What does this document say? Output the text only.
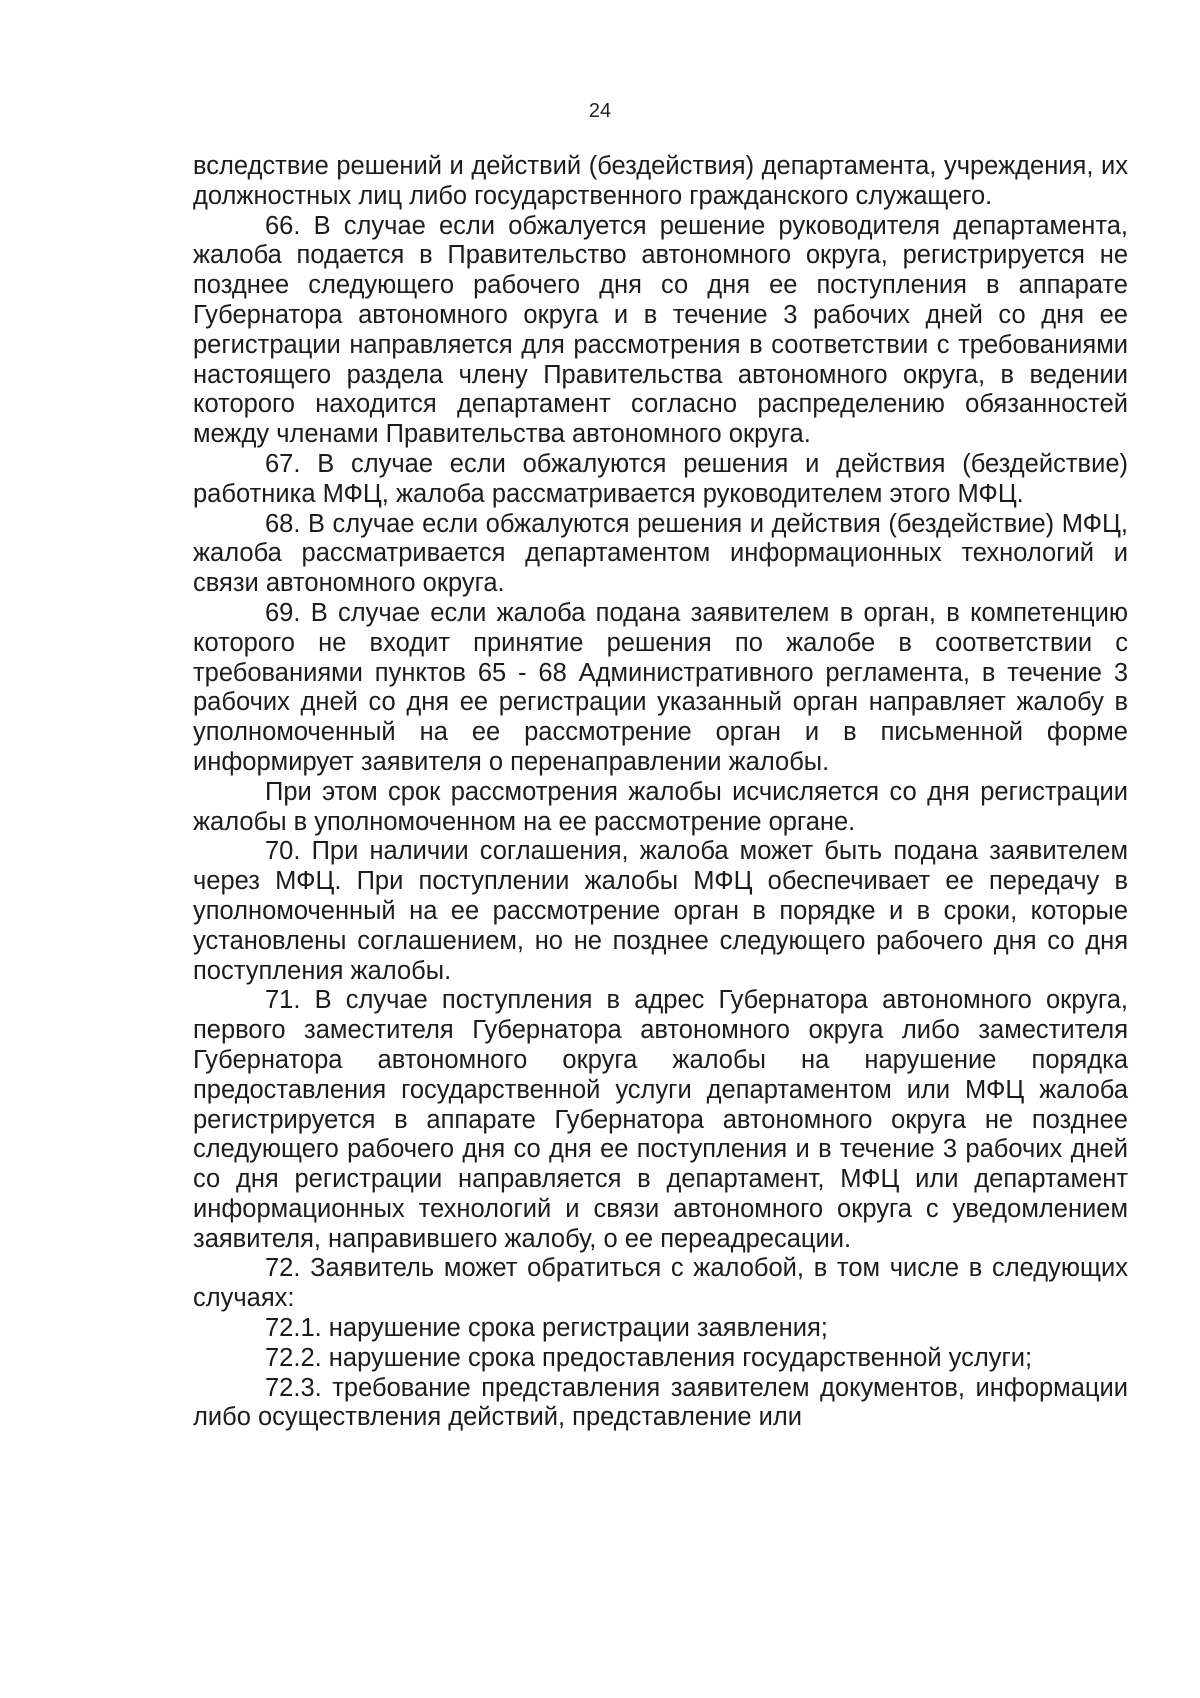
24

вследствие решений и действий (бездействия) департамента, учреждения, их должностных лиц либо государственного гражданского служащего.

66. В случае если обжалуется решение руководителя департамента, жалоба подается в Правительство автономного округа, регистрируется не позднее следующего рабочего дня со дня ее поступления в аппарате Губернатора автономного округа и в течение 3 рабочих дней со дня ее регистрации направляется для рассмотрения в соответствии с требованиями настоящего раздела члену Правительства автономного округа, в ведении которого находится департамент согласно распределению обязанностей между членами Правительства автономного округа.

67. В случае если обжалуются решения и действия (бездействие) работника МФЦ, жалоба рассматривается руководителем этого МФЦ.

68. В случае если обжалуются решения и действия (бездействие) МФЦ, жалоба рассматривается департаментом информационных технологий и связи автономного округа.

69. В случае если жалоба подана заявителем в орган, в компетенцию которого не входит принятие решения по жалобе в соответствии с требованиями пунктов 65 - 68 Административного регламента, в течение 3 рабочих дней со дня ее регистрации указанный орган направляет жалобу в уполномоченный на ее рассмотрение орган и в письменной форме информирует заявителя о перенаправлении жалобы.

При этом срок рассмотрения жалобы исчисляется со дня регистрации жалобы в уполномоченном на ее рассмотрение органе.

70. При наличии соглашения, жалоба может быть подана заявителем через МФЦ. При поступлении жалобы МФЦ обеспечивает ее передачу в уполномоченный на ее рассмотрение орган в порядке и в сроки, которые установлены соглашением, но не позднее следующего рабочего дня со дня поступления жалобы.

71. В случае поступления в адрес Губернатора автономного округа, первого заместителя Губернатора автономного округа либо заместителя Губернатора автономного округа жалобы на нарушение порядка предоставления государственной услуги департаментом или МФЦ жалоба регистрируется в аппарате Губернатора автономного округа не позднее следующего рабочего дня со дня ее поступления и в течение 3 рабочих дней со дня регистрации направляется в департамент, МФЦ или департамент информационных технологий и связи автономного округа с уведомлением заявителя, направившего жалобу, о ее переадресации.

72. Заявитель может обратиться с жалобой, в том числе в следующих случаях:

72.1. нарушение срока регистрации заявления;

72.2. нарушение срока предоставления государственной услуги;

72.3. требование представления заявителем документов, информации либо осуществления действий, представление или
